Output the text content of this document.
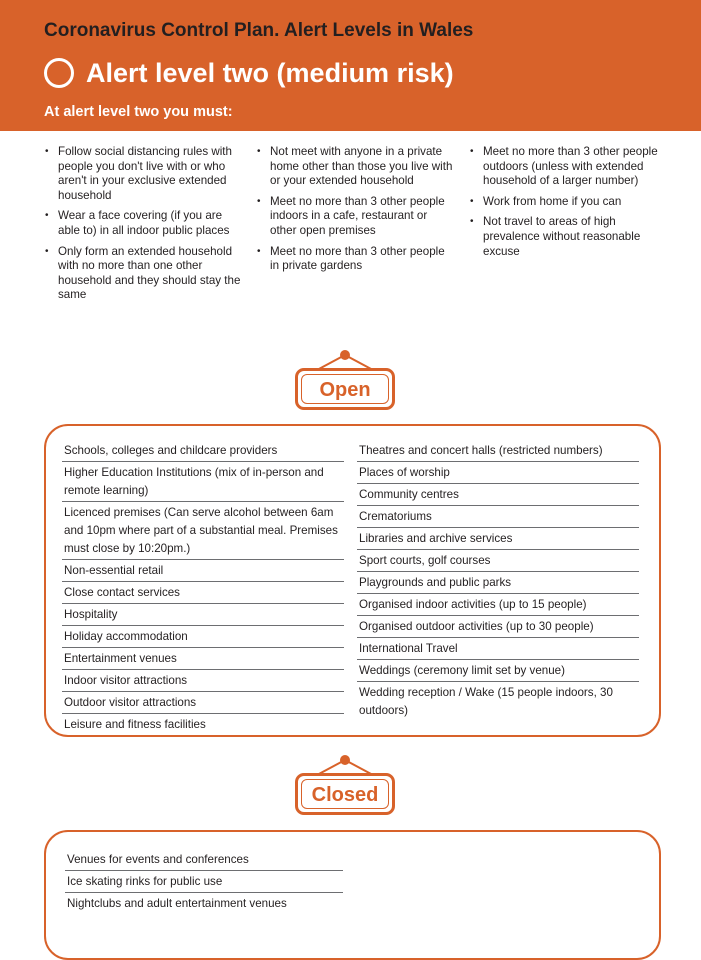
Coronavirus Control Plan. Alert Levels in Wales
Alert level two (medium risk)
At alert level two you must:
• Follow social distancing rules with people you don't live with or who aren't in your exclusive extended household
• Wear a face covering (if you are able to) in all indoor public places
• Only form an extended household with no more than one other household and they should stay the same
• Not meet with anyone in a private home other than those you live with or your extended household
• Meet no more than 3 other people indoors in a cafe, restaurant or other open premises
• Meet no more than 3 other people in private gardens
• Meet no more than 3 other people outdoors (unless with extended household of a larger number)
• Work from home if you can
• Not travel to areas of high prevalence without reasonable excuse
Open
Schools, colleges and childcare providers
Higher Education Institutions (mix of in-person and remote learning)
Licenced premises (Can serve alcohol between 6am and 10pm where part of a substantial meal. Premises must close by 10:20pm.)
Non-essential retail
Close contact services
Hospitality
Holiday accommodation
Entertainment venues
Indoor visitor attractions
Outdoor visitor attractions
Leisure and fitness facilities
Theatres and concert halls (restricted numbers)
Places of worship
Community centres
Crematoriums
Libraries and archive services
Sport courts, golf courses
Playgrounds and public parks
Organised indoor activities (up to 15 people)
Organised outdoor activities (up to 30 people)
International Travel
Weddings (ceremony limit set by venue)
Wedding reception / Wake (15 people indoors, 30 outdoors)
Closed
Venues for events and conferences
Ice skating rinks for public use
Nightclubs and adult entertainment venues
